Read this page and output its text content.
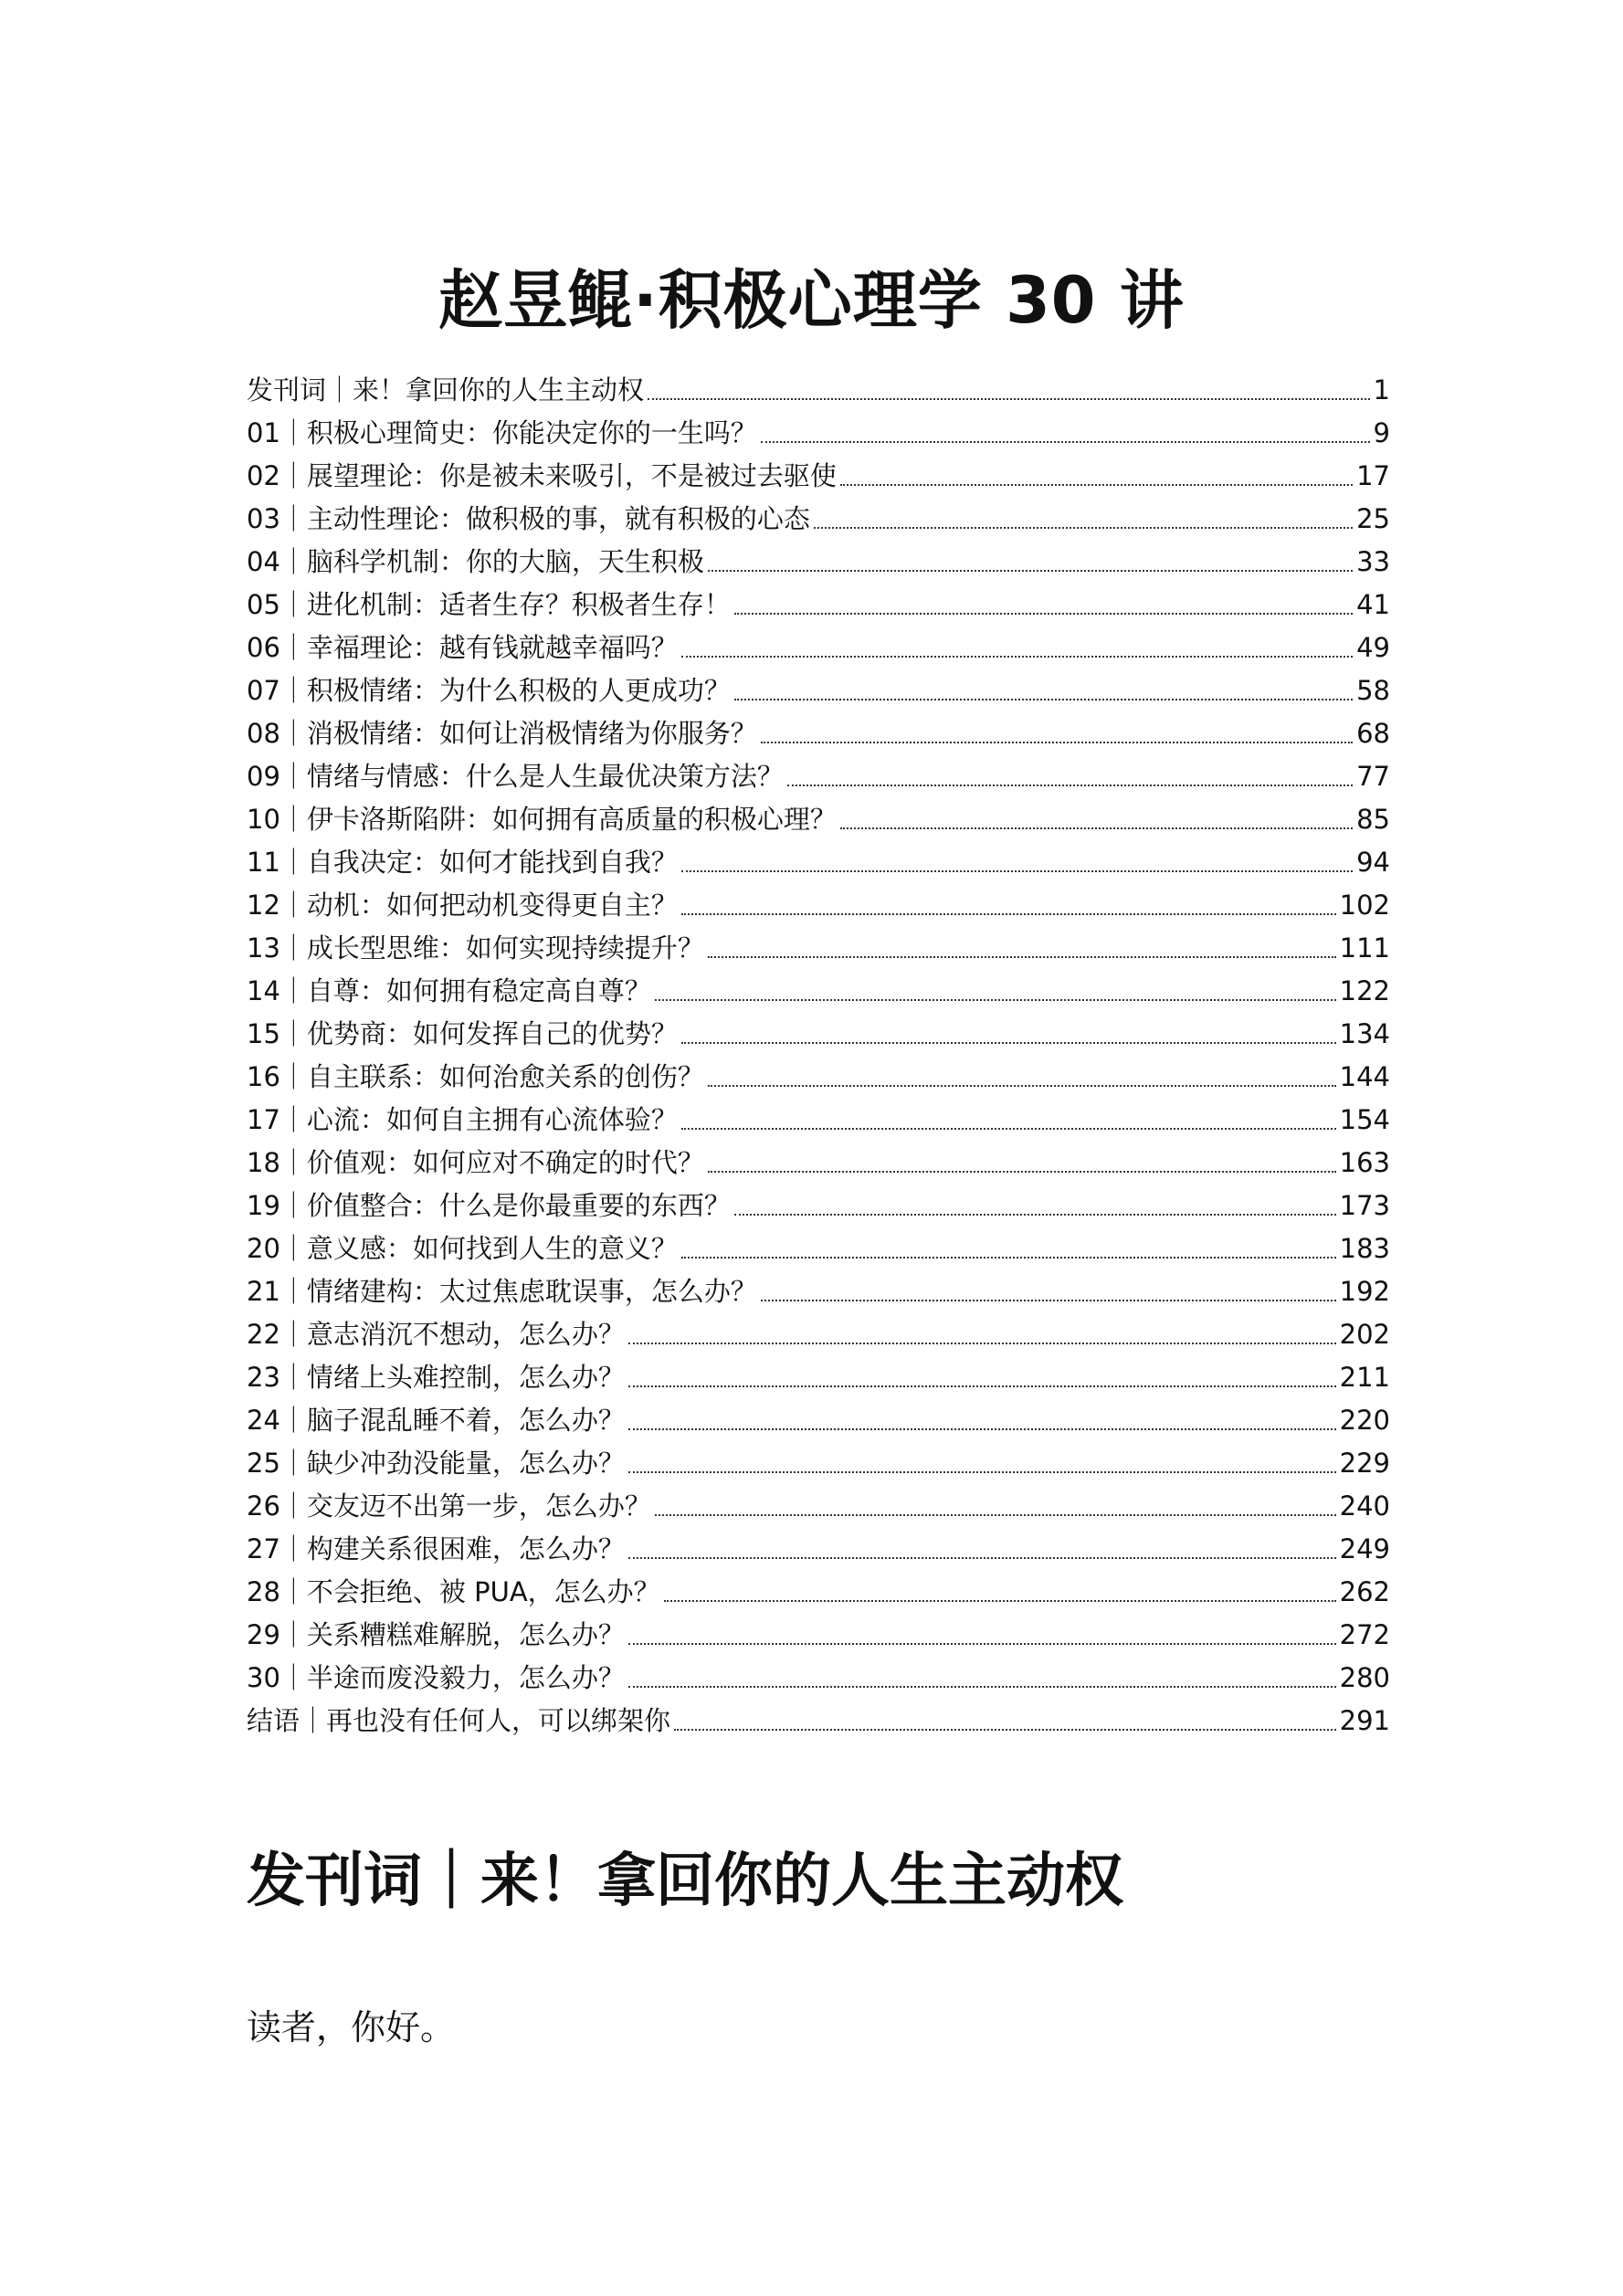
赵昱鲲·积极心理学 30 讲
发刊词｜来！拿回你的人生主动权	1
01｜积极心理简史：你能决定你的一生吗？	9
02｜展望理论：你是被未来吸引，不是被过去驱使	17
03｜主动性理论：做积极的事，就有积极的心态	25
04｜脑科学机制：你的大脑，天生积极	33
05｜进化机制：适者生存？积极者生存！	41
06｜幸福理论：越有钱就越幸福吗？	49
07｜积极情绪：为什么积极的人更成功？	58
08｜消极情绪：如何让消极情绪为你服务？	68
09｜情绪与情感：什么是人生最优决策方法？	77
10｜伊卡洛斯陷阱：如何拥有高质量的积极心理？	85
11｜自我决定：如何才能找到自我？	94
12｜动机：如何把动机变得更自主？	102
13｜成长型思维：如何实现持续提升？	111
14｜自尊：如何拥有稳定高自尊？	122
15｜优势商：如何发挥自己的优势？	134
16｜自主联系：如何治愈关系的创伤？	144
17｜心流：如何自主拥有心流体验？	154
18｜价值观：如何应对不确定的时代？	163
19｜价值整合：什么是你最重要的东西？	173
20｜意义感：如何找到人生的意义？	183
21｜情绪建构：太过焦虑耽误事，怎么办？	192
22｜意志消沉不想动，怎么办？	202
23｜情绪上头难控制，怎么办？	211
24｜脑子混乱睡不着，怎么办？	220
25｜缺少冲劲没能量，怎么办？	229
26｜交友迈不出第一步，怎么办？	240
27｜构建关系很困难，怎么办？	249
28｜不会拒绝、被 PUA，怎么办？	262
29｜关系糟糕难解脱，怎么办？	272
30｜半途而废没毅力，怎么办？	280
结语｜再也没有任何人，可以绑架你	291
发刊词｜来！拿回你的人生主动权

读者，你好。
